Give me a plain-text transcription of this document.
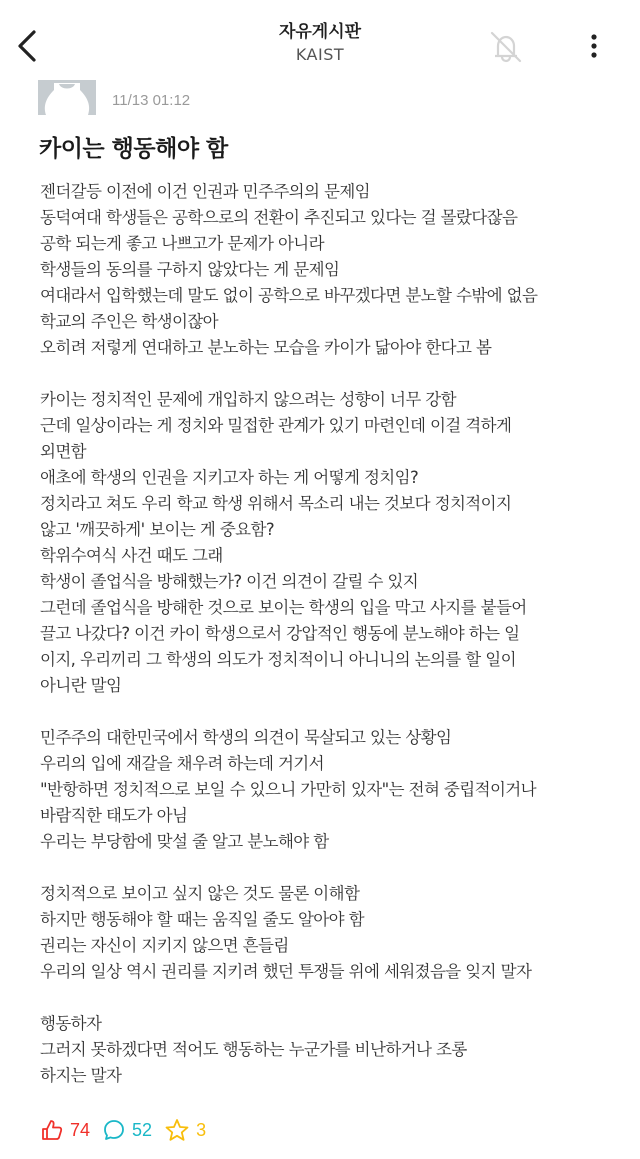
자유게시판
KAIST
11/13 01:12
카이는 행동해야 함
젠더갈등 이전에 이건 인권과 민주주의의 문제임
동덕여대 학생들은 공학으로의 전환이 추진되고 있다는 걸 몰랐다잖음
공학 되는게 좋고 나쁘고가 문제가 아니라
학생들의 동의를 구하지 않았다는 게 문제임
여대라서 입학했는데 말도 없이 공학으로 바꾸겠다면 분노할 수밖에 없음
학교의 주인은 학생이잖아
오히려 저렇게 연대하고 분노하는 모습을 카이가 닮아야 한다고 봄
카이는 정치적인 문제에 개입하지 않으려는 성향이 너무 강함
근데 일상이라는 게 정치와 밀접한 관계가 있기 마련인데 이걸 격하게
외면함
애초에 학생의 인권을 지키고자 하는 게 어떻게 정치임?
정치라고 쳐도 우리 학교 학생 위해서 목소리 내는 것보다 정치적이지
않고 '깨끗하게' 보이는 게 중요함?
학위수여식 사건 때도 그래
학생이 졸업식을 방해했는가? 이건 의견이 갈릴 수 있지
그런데 졸업식을 방해한 것으로 보이는 학생의 입을 막고 사지를 붙들어
끌고 나갔다? 이건 카이 학생으로서 강압적인 행동에 분노해야 하는 일
이지, 우리끼리 그 학생의 의도가 정치적이니 아니니의 논의를 할 일이
아니란 말임
민주주의 대한민국에서 학생의 의견이 묵살되고 있는 상황임
우리의 입에 재갈을 채우려 하는데 거기서
"반항하면 정치적으로 보일 수 있으니 가만히 있자"는 전혀 중립적이거나
바람직한 태도가 아님
우리는 부당함에 맞설 줄 알고 분노해야 함
정치적으로 보이고 싶지 않은 것도 물론 이해함
하지만 행동해야 할 때는 움직일 줄도 알아야 함
권리는 자신이 지키지 않으면 흔들림
우리의 일상 역시 권리를 지키려 했던 투쟁들 위에 세워졌음을 잊지 말자
행동하자
그러지 못하겠다면 적어도 행동하는 누군가를 비난하거나 조롱
하지는 말자
74 52 3
